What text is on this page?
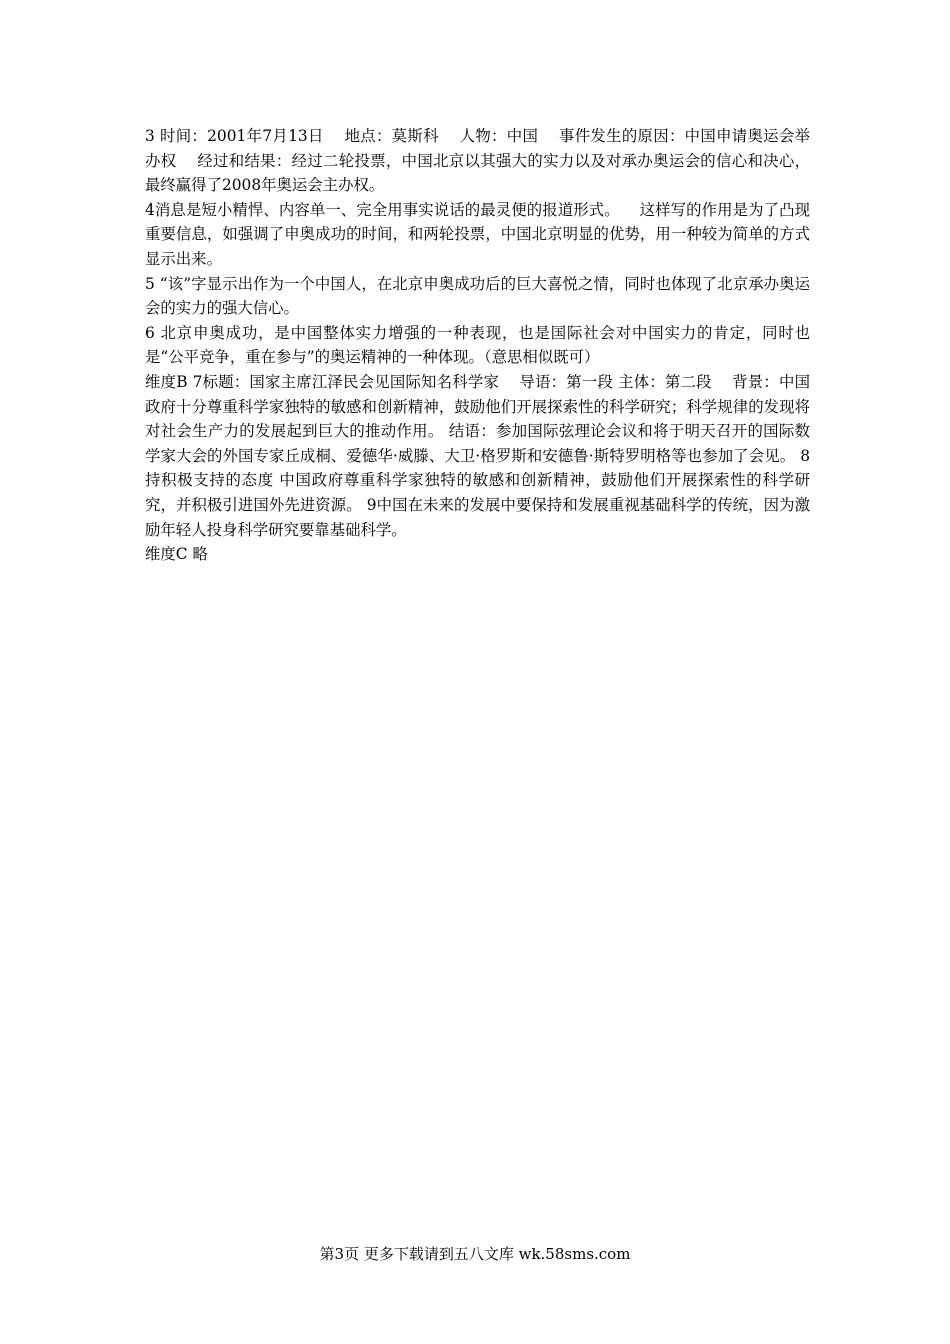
3 时间：2001年7月13日    地点：莫斯科    人物：中国    事件发生的原因：中国申请奥运会举办权    经过和结果：经过二轮投票，中国北京以其强大的实力以及对承办奥运会的信心和决心，最终赢得了2008年奥运会主办权。

4消息是短小精悍、内容单一、完全用事实说话的最灵便的报道形式。    这样写的作用是为了凸现重要信息，如强调了申奥成功的时间，和两轮投票，中国北京明显的优势，用一种较为简单的方式显示出来。

5 “该”字显示出作为一个中国人，在北京申奥成功后的巨大喜悦之情，同时也体现了北京承办奥运会的实力的强大信心。

6 北京申奥成功，是中国整体实力增强的一种表现，也是国际社会对中国实力的肯定，同时也是“公平竞争，重在参与”的奥运精神的一种体现。（意思相似既可）

维度B 7标题：国家主席江泽民会见国际知名科学家    导语：第一段 主体：第二段    背景：中国政府十分尊重科学家独特的敏感和创新精神，鼓励他们开展探索性的科学研究；科学规律的发现将对社会生产力的发展起到巨大的推动作用。 结语：参加国际弦理论会议和将于明天召开的国际数学家大会的外国专家丘成桐、爱德华·威滕、大卫·格罗斯和安德鲁·斯特罗明格等也参加了会见。 8 持积极支持的态度 中国政府尊重科学家独特的敏感和创新精神，鼓励他们开展探索性的科学研究，并积极引进国外先进资源。 9中国在未来的发展中要保持和发展重视基础科学的传统，因为激励年轻人投身科学研究要靠基础科学。

维度C 略

第3页 更多下载请到五八文库 wk.58sms.com
